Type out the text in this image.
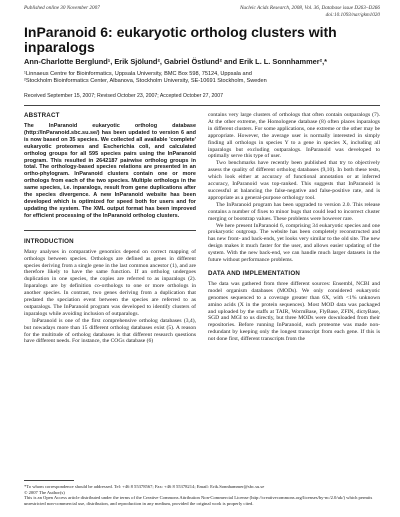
Published online 30 November 2007	Nucleic Acids Research, 2008, Vol. 36, Database issue D263–D266
doi:10.1093/nar/gkm1020
InParanoid 6: eukaryotic ortholog clusters with inparalogs
Ann-Charlotte Berglund¹, Erik Sjölund², Gabriel Östlund² and Erik L. L. Sonnhammer²,*
¹Linnaeus Centre for Bioinformatics, Uppsala University, BMC Box 598, 75124, Uppsala and
²Stockholm Bioinformatics Center, Albanova, Stockholm University, SE-10691 Stockholm, Sweden
Received September 15, 2007; Revised October 23, 2007; Accepted October 27, 2007
ABSTRACT

The InParanoid eukaryotic ortholog database (http://InParanoid.sbc.su.se/) has been updated to version 6 and is now based on 35 species. We collected all available 'complete' eukaryotic proteomes and Escherichia coli, and calculated ortholog groups for all 595 species pairs using the InParanoid program. This resulted in 2642187 pairwise ortholog groups in total. The orthology-based species relations are presented in an ortho-phylogram. InParanoid clusters contain one or more orthologs from each of the two species. Multiple orthologs in the same species, i.e. inparalogs, result from gene duplications after the species divergence. A new InParanoid website has been developed which is optimized for speed both for users and for updating the system. The XML output format has been improved for efficient processing of the InParanoid ortholog clusters.

INTRODUCTION

Many analyses in comparative genomics depend on correct mapping of orthologs between species. Orthologs are defined as genes in different species deriving from a single gene in the last common ancestor (1), and are therefore likely to have the same function. If an ortholog undergoes duplication in one species, the copies are referred to as inparalogs (2). Inparalogs are by definition co-orthologs to one or more orthologs in another species. In contrast, two genes deriving from a duplication that predated the speciation event between the species are referred to as outparalogs. The InParanoid program was developed to identify clusters of inparalogs while avoiding inclusion of outparalogs.

InParanoid is one of the first comprehensive ortholog databases (3,4), but nowadays more than 15 different ortholog databases exist (5). A reason for the multitude of ortholog databases is that different research questions have different needs. For instance, the COGs database (6)

contains very large clusters of orthologs that often contain outparalogs (7). At the other extreme, the Homologene database (8) often places inparalogs in different clusters. For some applications, one extreme or the other may be appropriate. However, the average user is normally interested in simply finding all orthologs in species Y to a gene in species X, including all inparalogs but excluding outparalogs. InParanoid was developed to optimally serve this type of user.

Two benchmarks have recently been published that try to objectively assess the quality of different ortholog databases (9,10). In both these tests, which look either at accuracy of functional annotation or at inferred accuracy, InParanoid was top-ranked. This suggests that InParanoid is successful at balancing the false-negative and false-positive rate, and is appropriate as a general-purpose orthology tool.

The InParanoid program has been upgraded to version 2.0. This release contains a number of fixes to minor bugs that could lead to incorrect cluster merging or bootstrap values. These problems were however rare.

We here present InParanoid 6, comprising 34 eukaryotic species and one prokaryotic outgroup. The website has been completely reconstructed and has new front- and back-ends, yet looks very similar to the old site. The new design makes it much faster for the user, and allows easier updating of the system. With the new back-end, we can handle much larger datasets in the future without performance problems.

DATA AND IMPLEMENTATION

The data was gathered from three different sources: Ensembl, NCBI and model organism databases (MODs). We only considered eukaryotic genomes sequenced to a coverage greater than 6X, with <1% unknown amino acids (X in the protein sequences). Most MOD data was packaged and uploaded by the staffs at TAIR, WormBase, FlyBase, ZFIN, dictyBase, SGD and MGI to us directly, but three MODs were downloaded from their repositories. Before running InParanoid, each proteome was made non-redundant by keeping only the longest transcript from each gene. If this is not done first, different transcripts from the

*To whom correspondence should be addressed. Tel: +46 8 55378567; Fax: +46 8 55378214; Email: Erik.Sonnhammer@sbc.su.se
© 2007 The Author(s)
This is an Open Access article distributed under the terms of the Creative Commons Attribution Non-Commercial License (http://creativecommons.org/licenses/by-nc/2.0/uk/) which permits unrestricted non-commercial use, distribution, and reproduction in any medium, provided the original work is properly cited.
